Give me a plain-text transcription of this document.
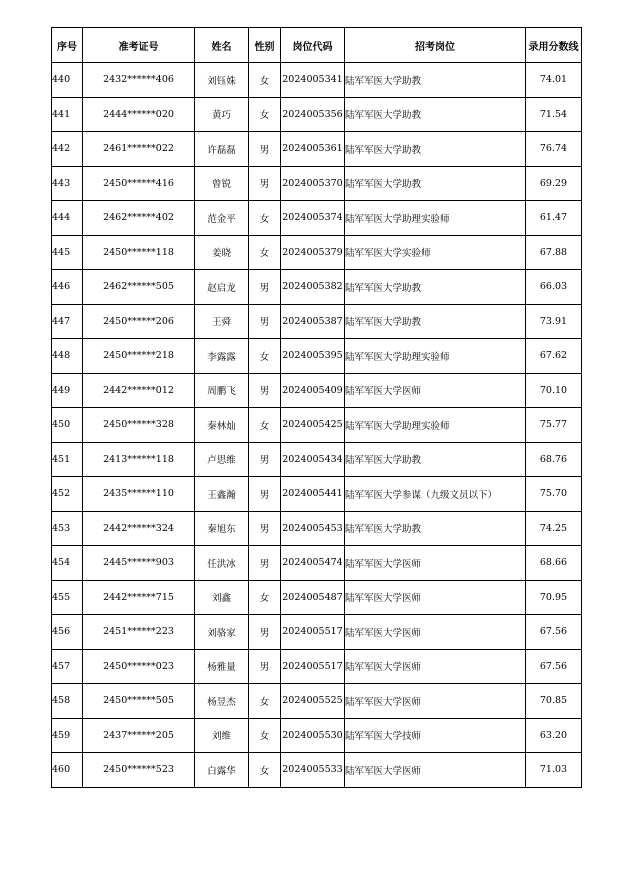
序号	准考证号	姓名	性别	岗位代码	招考岗位	录用分数线
440	2432******406	刘钰姝	女	2024005341	陆军军医大学助教	74.01
441	2444******020	黄巧	女	2024005356	陆军军医大学助教	71.54
442	2461******022	许磊磊	男	2024005361	陆军军医大学助教	76.74
443	2450******416	曾锐	男	2024005370	陆军军医大学助教	69.29
444	2462******402	范金平	女	2024005374	陆军军医大学助理实验师	61.47
445	2450******118	姜晓	女	2024005379	陆军军医大学实验师	67.88
446	2462******505	赵启龙	男	2024005382	陆军军医大学助教	66.03
447	2450******206	王舜	男	2024005387	陆军军医大学助教	73.91
448	2450******218	李露露	女	2024005395	陆军军医大学助理实验师	67.62
449	2442******012	周鹏飞	男	2024005409	陆军军医大学医师	70.10
450	2450******328	秦林灿	女	2024005425	陆军军医大学助理实验师	75.77
451	2413******118	卢思维	男	2024005434	陆军军医大学助教	68.76
452	2435******110	王鑫瀚	男	2024005441	陆军军医大学参谋（九级文员以下）	75.70
453	2442******324	秦旭东	男	2024005453	陆军军医大学助教	74.25
454	2445******903	任洪冰	男	2024005474	陆军军医大学医师	68.66
455	2442******715	刘鑫	女	2024005487	陆军军医大学医师	70.95
456	2451******223	刘骆家	男	2024005517	陆军军医大学医师	67.56
457	2450******023	杨雅量	男	2024005517	陆军军医大学医师	67.56
458	2450******505	杨昱杰	女	2024005525	陆军军医大学医师	70.85
459	2437******205	刘维	女	2024005530	陆军军医大学技师	63.20
460	2450******523	白露华	女	2024005533	陆军军医大学医师	71.03
